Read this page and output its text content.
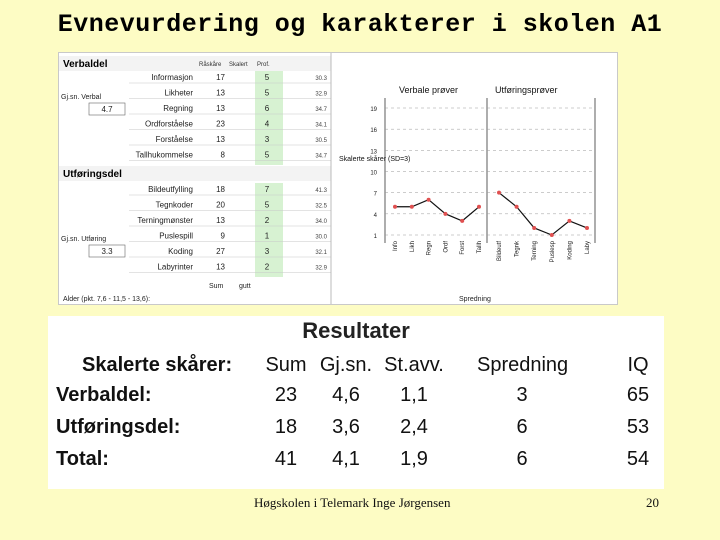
Evnevurdering og karakterer i skolen A1
Verbaldel	Råskåre Skalert Prof.
Informasjon	17	5	30.3
Likheter	13	5	32.9
Regning	13	6	34.7
Ordforståelse	23	4	34.1
Forståelse	13	3	30.5
Tallhukommelse	8	5	34.7
Utføringsdel
Bildeutfylling	18	7	41.3
Tegnkoder	20	5	32.5
Terningmønster	13	2	34.0
Puslespill	9	1	30.0
Koding	27	3	32.1
Labyrinter	13	2	32.9
Gj.sn. Verbal
4.7
Gj.sn. Utføring
3.3
Sum gutt
Alder (pkt. 7,6 - 11,5 - 13,6):
Verbale prøver	Utføringsprøver
Skalerte skårer (SD=3)
1
4
7
10
13
16
19
Info Likh Regn Ordf Forst Tallh Bildeutf Tegnk Terning Puslesp Koding Laby
Spredning
Resultater
Skalerte skårer:	Sum Gj.sn. St.avv. Spredning	IQ
Verbaldel:	23	4,6	1,1	3	65
Utføringsdel:	18	3,6	2,4	6	53
Total:	41	4,1	1,9	6	54
Høgskolen i Telemark Inge Jørgensen	20
